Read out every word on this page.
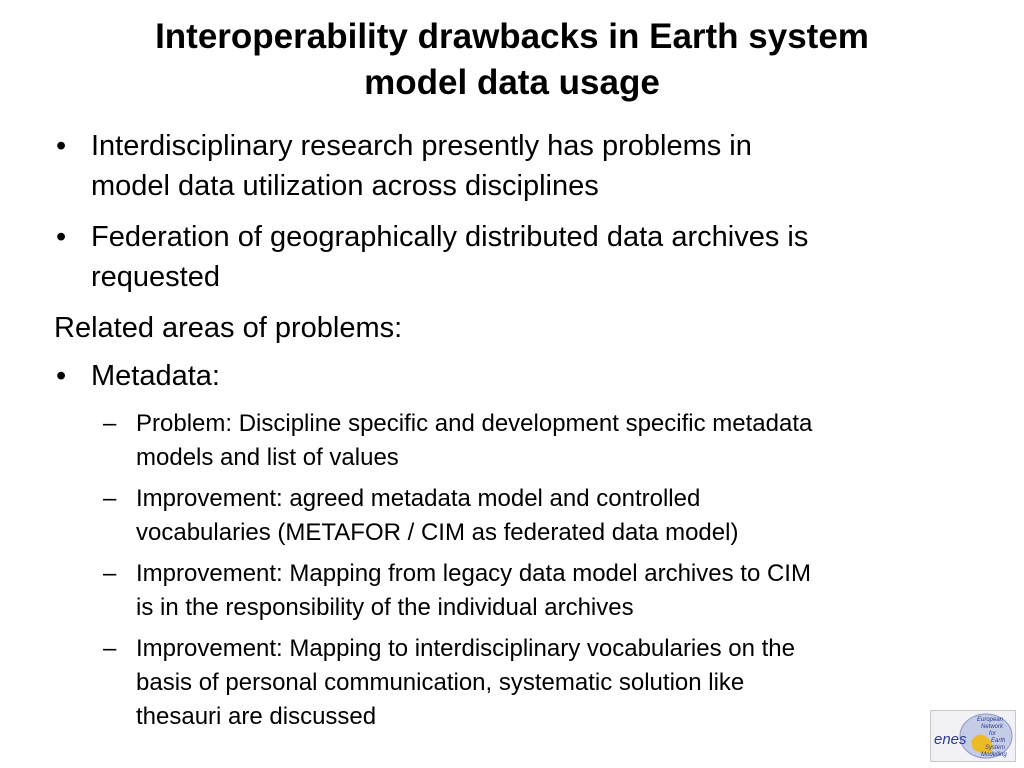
Interoperability drawbacks in Earth system
model data usage
• Interdisciplinary research presently has problems in
model data utilization across disciplines
• Federation of geographically distributed data archives is
requested
Related areas of problems:
• Metadata:
– Problem: Discipline specific and development specific metadata
models and list of values
– Improvement: agreed metadata model and controlled
vocabularies (METAFOR / CIM as federated data model)
– Improvement: Mapping from legacy data model archives to CIM
is in the responsibility of the individual archives
– Improvement: Mapping to interdisciplinary vocabularies on the
basis of personal communication, systematic solution like
thesauri are discussed
enes
European
Network
for
Earth
System
Modelling
